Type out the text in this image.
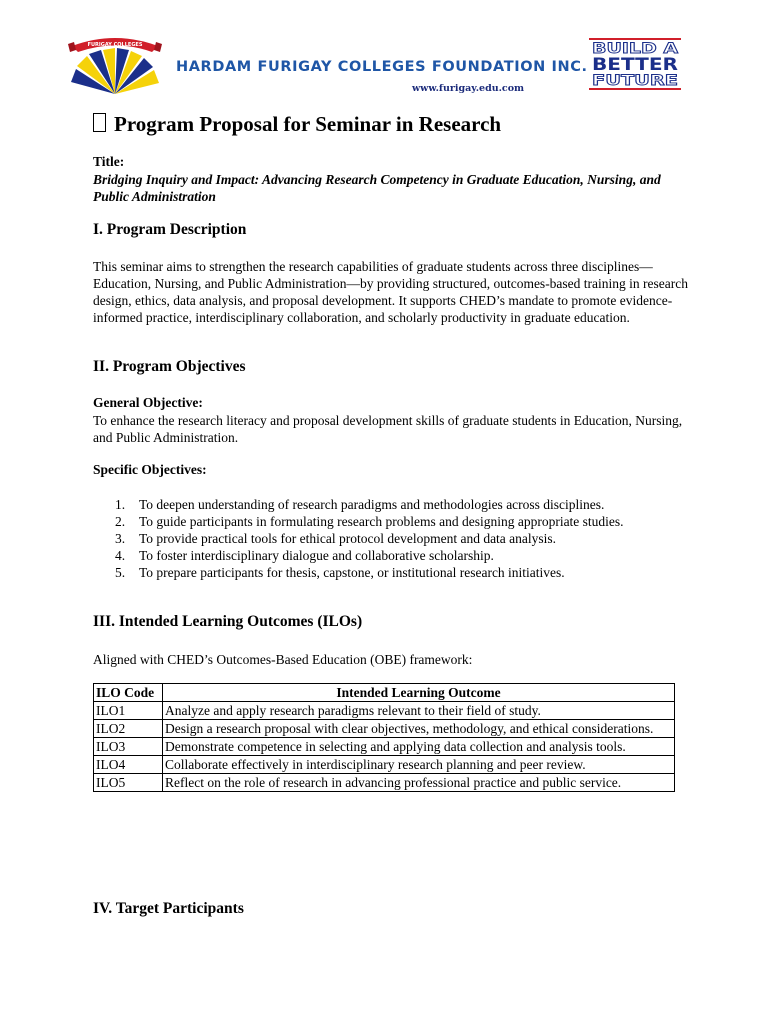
FURIGAY COLLEGES
HARDAM FURIGAY COLLEGES FOUNDATION INC.
www.furigay.edu.com
BUILD A
BETTER
FUTURE
Program Proposal for Seminar in Research
Title:
Bridging Inquiry and Impact: Advancing Research Competency in Graduate Education, Nursing, and Public Administration
I. Program Description
This seminar aims to strengthen the research capabilities of graduate students across three disciplines—Education, Nursing, and Public Administration—by providing structured, outcomes-based training in research design, ethics, data analysis, and proposal development. It supports CHED’s mandate to promote evidence-informed practice, interdisciplinary collaboration, and scholarly productivity in graduate education.
II. Program Objectives
General Objective:
To enhance the research literacy and proposal development skills of graduate students in Education, Nursing, and Public Administration.
Specific Objectives:
1. To deepen understanding of research paradigms and methodologies across disciplines.
2. To guide participants in formulating research problems and designing appropriate studies.
3. To provide practical tools for ethical protocol development and data analysis.
4. To foster interdisciplinary dialogue and collaborative scholarship.
5. To prepare participants for thesis, capstone, or institutional research initiatives.
III. Intended Learning Outcomes (ILOs)
Aligned with CHED’s Outcomes-Based Education (OBE) framework:
ILO Code	Intended Learning Outcome
ILO1	Analyze and apply research paradigms relevant to their field of study.
ILO2	Design a research proposal with clear objectives, methodology, and ethical considerations.
ILO3	Demonstrate competence in selecting and applying data collection and analysis tools.
ILO4	Collaborate effectively in interdisciplinary research planning and peer review.
ILO5	Reflect on the role of research in advancing professional practice and public service.
IV. Target Participants
